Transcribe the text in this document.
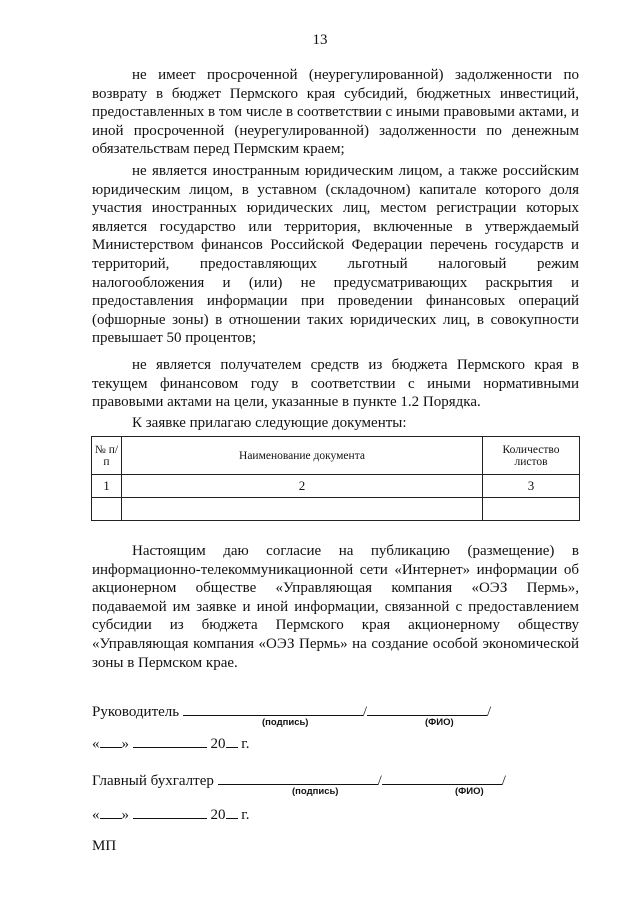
13

не имеет просроченной (неурегулированной) задолженности по возврату в бюджет Пермского края субсидий, бюджетных инвестиций, предоставленных в том числе в соответствии с иными правовыми актами, и иной просроченной (неурегулированной) задолженности по денежным обязательствам перед Пермским краем;

не является иностранным юридическим лицом, а также российским юридическим лицом, в уставном (складочном) капитале которого доля участия иностранных юридических лиц, местом регистрации которых является государство или территория, включенные в утверждаемый Министерством финансов Российской Федерации перечень государств и территорий, предоставляющих льготный налоговый режим налогообложения и (или) не предусматривающих раскрытия и предоставления информации при проведении финансовых операций (офшорные зоны) в отношении таких юридических лиц, в совокупности превышает 50 процентов;

не является получателем средств из бюджета Пермского края в текущем финансовом году в соответствии с иными нормативными правовыми актами на цели, указанные в пункте 1.2 Порядка.

К заявке прилагаю следующие документы:

№ п/п	Наименование документа	Количество листов
1	2	3

Настоящим даю согласие на публикацию (размещение) в информационно-телекоммуникационной сети «Интернет» информации об акционерном обществе «Управляющая компания «ОЭЗ Пермь», подаваемой им заявке и иной информации, связанной с предоставлением субсидии из бюджета Пермского края акционерному обществу «Управляющая компания «ОЭЗ Пермь» на создание особой экономической зоны в Пермском крае.

Руководитель	/	/
(подпись)	(ФИО)
« »	20 г.
Главный бухгалтер	/	/
(подпись)	(ФИО)
« »	20 г.
МП
